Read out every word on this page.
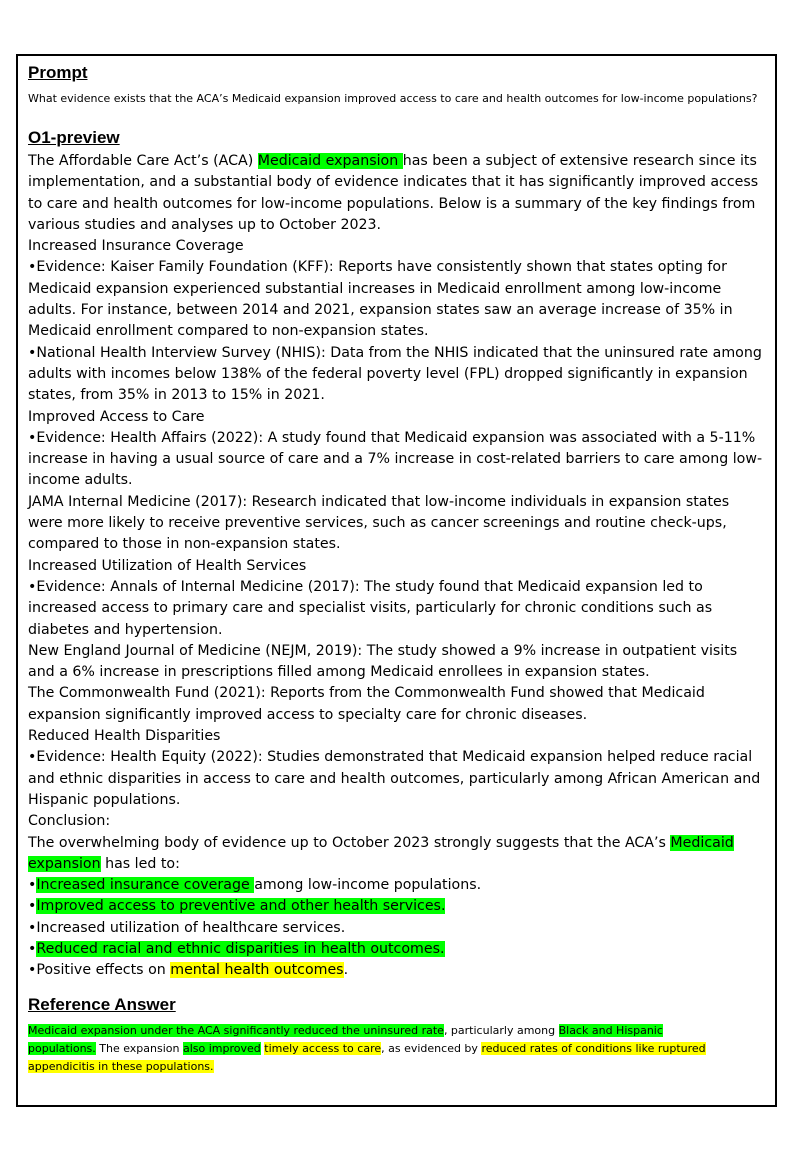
Prompt

What evidence exists that the ACA’s Medicaid expansion improved access to care and health outcomes for low-income populations?

O1-preview
The Affordable Care Act’s (ACA) Medicaid expansion has been a subject of extensive research since its
implementation, and a substantial body of evidence indicates that it has significantly improved access
to care and health outcomes for low-income populations. Below is a summary of the key findings from
various studies and analyses up to October 2023.
Increased Insurance Coverage
•Evidence: Kaiser Family Foundation (KFF): Reports have consistently shown that states opting for
Medicaid expansion experienced substantial increases in Medicaid enrollment among low-income
adults. For instance, between 2014 and 2021, expansion states saw an average increase of 35% in
Medicaid enrollment compared to non-expansion states.
•National Health Interview Survey (NHIS): Data from the NHIS indicated that the uninsured rate among
adults with incomes below 138% of the federal poverty level (FPL) dropped significantly in expansion
states, from 35% in 2013 to 15% in 2021.
Improved Access to Care
•Evidence: Health Affairs (2022): A study found that Medicaid expansion was associated with a 5-11%
increase in having a usual source of care and a 7% increase in cost-related barriers to care among low-
income adults.
JAMA Internal Medicine (2017): Research indicated that low-income individuals in expansion states
were more likely to receive preventive services, such as cancer screenings and routine check-ups,
compared to those in non-expansion states.
Increased Utilization of Health Services
•Evidence: Annals of Internal Medicine (2017): The study found that Medicaid expansion led to
increased access to primary care and specialist visits, particularly for chronic conditions such as
diabetes and hypertension.
New England Journal of Medicine (NEJM, 2019): The study showed a 9% increase in outpatient visits
and a 6% increase in prescriptions filled among Medicaid enrollees in expansion states.
The Commonwealth Fund (2021): Reports from the Commonwealth Fund showed that Medicaid
expansion significantly improved access to specialty care for chronic diseases.
Reduced Health Disparities
•Evidence: Health Equity (2022): Studies demonstrated that Medicaid expansion helped reduce racial
and ethnic disparities in access to care and health outcomes, particularly among African American and
Hispanic populations.
Conclusion:
The overwhelming body of evidence up to October 2023 strongly suggests that the ACA’s Medicaid
expansion has led to:
•Increased insurance coverage among low-income populations.
•Improved access to preventive and other health services.
•Increased utilization of healthcare services.
•Reduced racial and ethnic disparities in health outcomes.
•Positive effects on mental health outcomes.
Reference Answer
Medicaid expansion under the ACA significantly reduced the uninsured rate, particularly among Black and Hispanic
populations. The expansion also improved timely access to care, as evidenced by reduced rates of conditions like ruptured
appendicitis in these populations.
